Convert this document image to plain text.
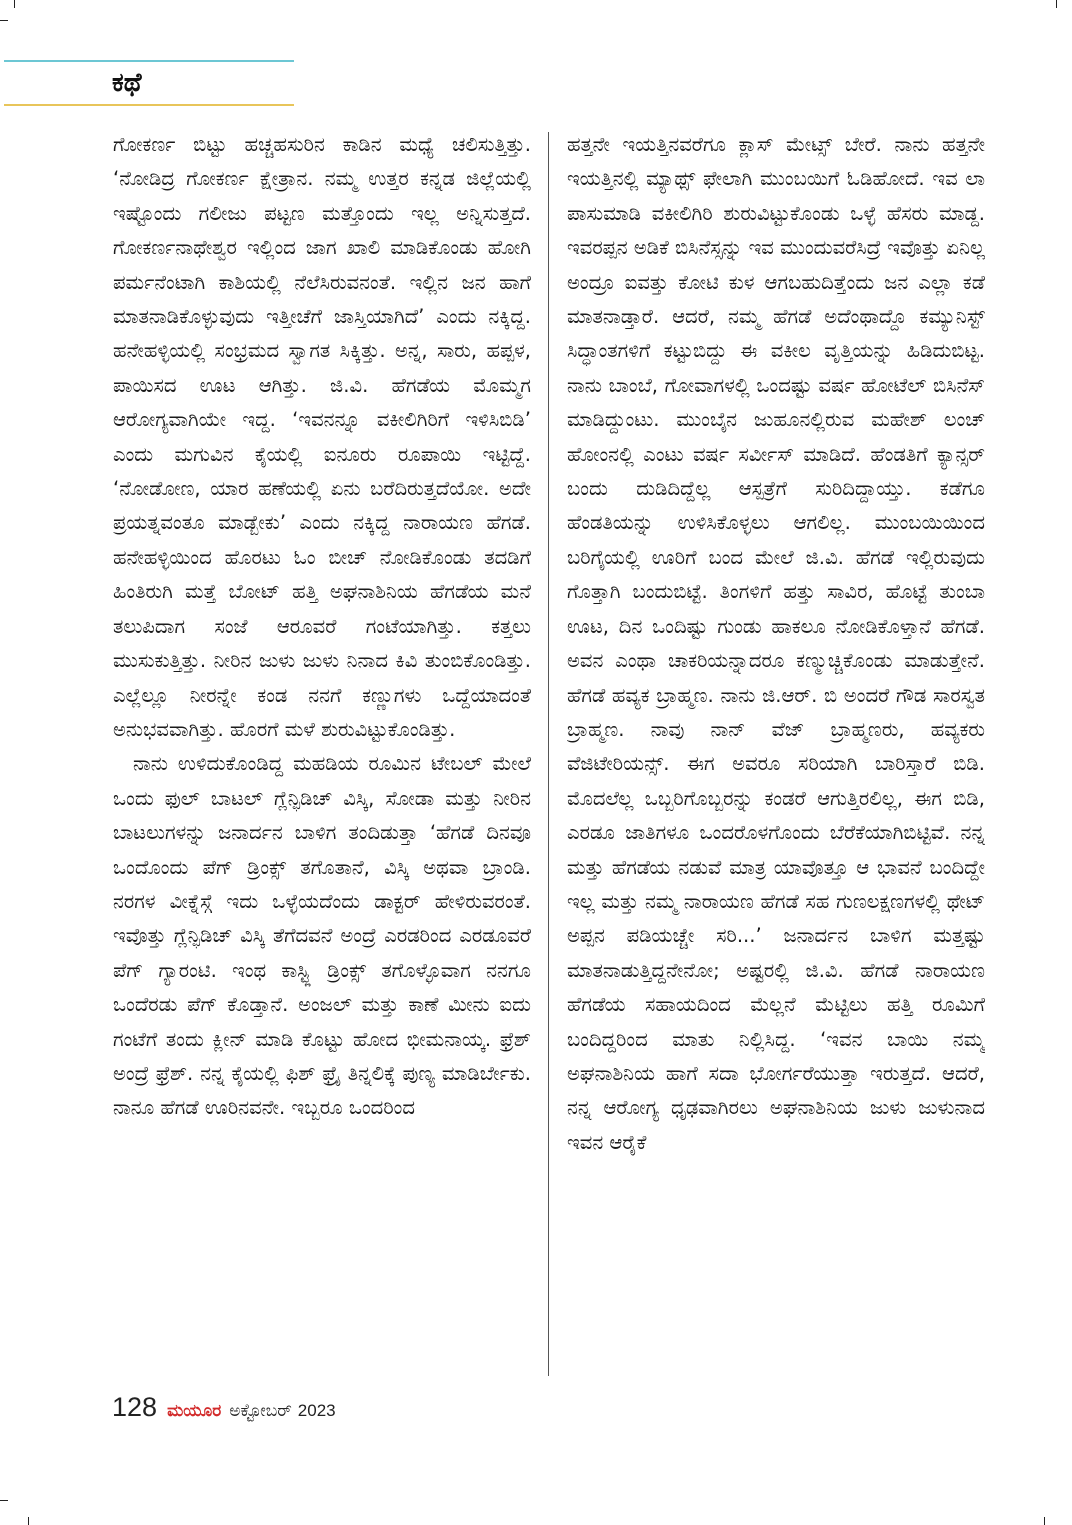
ಕಥೆ

ಗೋಕರ್ಣ ಬಿಟ್ಟು ಹಚ್ಚಹಸುರಿನ ಕಾಡಿನ ಮಧ್ಯೆ ಚಲಿಸುತ್ತಿತ್ತು. ‘ನೋಡಿದ್ರ ಗೋಕರ್ಣ ಕ್ಷೇತ್ರಾನ. ನಮ್ಮ ಉತ್ತರ ಕನ್ನಡ ಜಿಲ್ಲೆಯಲ್ಲಿ ಇಷ್ಟೊಂದು ಗಲೀಜು ಪಟ್ಟಣ ಮತ್ತೊಂದು ಇಲ್ಲ ಅನ್ನಿಸುತ್ತದೆ. ಗೋಕರ್ಣನಾಥೇಶ್ವರ ಇಲ್ಲಿಂದ ಜಾಗ ಖಾಲಿ ಮಾಡಿಕೊಂಡು ಹೋಗಿ ಪರ್ಮನೆಂಟಾಗಿ ಕಾಶಿಯಲ್ಲಿ ನೆಲೆಸಿರುವನಂತೆ. ಇಲ್ಲಿನ ಜನ ಹಾಗೆ ಮಾತನಾಡಿಕೊಳ್ಳುವುದು ಇತ್ತೀಚೆಗೆ ಜಾಸ್ತಿಯಾಗಿದೆ’ ಎಂದು ನಕ್ಕಿದ್ದ. ಹನೇಹಳ್ಳಿಯಲ್ಲಿ ಸಂಭ್ರಮದ ಸ್ವಾಗತ ಸಿಕ್ಕಿತ್ತು. ಅನ್ನ, ಸಾರು, ಹಪ್ಪಳ, ಪಾಯಿಸದ ಊಟ ಆಗಿತ್ತು. ಜಿ.ವಿ. ಹೆಗಡೆಯ ಮೊಮ್ಮಗ ಆರೋಗ್ಯವಾಗಿಯೇ ಇದ್ದ. ‘ಇವನನ್ನೂ ವಕೀಲಿಗಿರಿಗೆ ಇಳಿಸಿಬಿಡಿ’ ಎಂದು ಮಗುವಿನ ಕೈಯಲ್ಲಿ ಐನೂರು ರೂಪಾಯಿ ಇಟ್ಟಿದ್ದೆ. ‘ನೋಡೋಣ, ಯಾರ ಹಣೆಯಲ್ಲಿ ಏನು ಬರೆದಿರುತ್ತದೆಯೋ. ಅದೇ ಪ್ರಯತ್ನವಂತೂ ಮಾಡ್ಬೇಕು’ ಎಂದು ನಕ್ಕಿದ್ದ ನಾರಾಯಣ ಹೆಗಡೆ. ಹನೇಹಳ್ಳಿಯಿಂದ ಹೊರಟು ಓಂ ಬೀಚ್ ನೋಡಿಕೊಂಡು ತದಡಿಗೆ ಹಿಂತಿರುಗಿ ಮತ್ತೆ ಬೋಟ್ ಹತ್ತಿ ಅಘನಾಶಿನಿಯ ಹೆಗಡೆಯ ಮನೆ ತಲುಪಿದಾಗ ಸಂಜೆ ಆರೂವರೆ ಗಂಟೆಯಾಗಿತ್ತು. ಕತ್ತಲು ಮುಸುಕುತ್ತಿತ್ತು. ನೀರಿನ ಜುಳು ಜುಳು ನಿನಾದ ಕಿವಿ ತುಂಬಿಕೊಂಡಿತ್ತು. ಎಲ್ಲೆಲ್ಲೂ ನೀರನ್ನೇ ಕಂಡ ನನಗೆ ಕಣ್ಣುಗಳು ಒದ್ದೆಯಾದಂತೆ ಅನುಭವವಾಗಿತ್ತು. ಹೊರಗೆ ಮಳೆ ಶುರುವಿಟ್ಟುಕೊಂಡಿತ್ತು.

ನಾನು ಉಳಿದುಕೊಂಡಿದ್ದ ಮಹಡಿಯ ರೂಮಿನ ಟೇಬಲ್ ಮೇಲೆ ಒಂದು ಫುಲ್ ಬಾಟಲ್ ಗ್ಲೆನ್ಫಿಡಿಚ್ ವಿಸ್ಕಿ, ಸೋಡಾ ಮತ್ತು ನೀರಿನ ಬಾಟಲುಗಳನ್ನು ಜನಾರ್ದನ ಬಾಳಿಗ ತಂದಿಡುತ್ತಾ ‘ಹೆಗಡೆ ದಿನವೂ ಒಂದೊಂದು ಪೆಗ್ ಡ್ರಿಂಕ್ಸ್ ತಗೊತಾನೆ, ವಿಸ್ಕಿ ಅಥವಾ ಬ್ರಾಂಡಿ. ನರಗಳ ವೀಕ್ನೆಸ್ಗೆ ಇದು ಒಳ್ಳೆಯದೆಂದು ಡಾಕ್ಟರ್ ಹೇಳಿರುವರಂತೆ. ಇವೊತ್ತು ಗ್ಲೆನ್ಫಿಡಿಚ್ ವಿಸ್ಕಿ ತೆಗೆದವನೆ ಅಂದ್ರೆ ಎರಡರಿಂದ ಎರಡೂವರೆ ಪೆಗ್ ಗ್ಯಾರಂಟಿ. ಇಂಥ ಕಾಸ್ಟ್ಲಿ ಡ್ರಿಂಕ್ಸ್ ತಗೊಳ್ಳೊವಾಗ ನನಗೂ ಒಂದೆರಡು ಪೆಗ್ ಕೊಡ್ತಾನೆ. ಅಂಜಲ್ ಮತ್ತು ಕಾಣೆ ಮೀನು ಐದು ಗಂಟೆಗೆ ತಂದು ಕ್ಲೀನ್ ಮಾಡಿ ಕೊಟ್ಟು ಹೋದ ಭೀಮನಾಯ್ಕ. ಫ್ರೆಶ್ ಅಂದ್ರೆ ಫ್ರೆಶ್. ನನ್ನ ಕೈಯಲ್ಲಿ ಫಿಶ್ ಫ್ರೈ ತಿನ್ನಲಿಕ್ಕೆ ಪುಣ್ಯ ಮಾಡಿರ್ಬೇಕು. ನಾನೂ ಹೆಗಡೆ ಊರಿನವನೇ. ಇಬ್ಬರೂ ಒಂದರಿಂದ

ಹತ್ತನೇ ಇಯತ್ತಿನವರೆಗೂ ಕ್ಲಾಸ್ ಮೇಟ್ಸ್ ಬೇರೆ. ನಾನು ಹತ್ತನೇ ಇಯತ್ತಿನಲ್ಲಿ ಮ್ಯಾಥ್ಸ್ ಫೇಲಾಗಿ ಮುಂಬಯಿಗೆ ಓಡಿಹೋದೆ. ಇವ ಲಾ ಪಾಸುಮಾಡಿ ವಕೀಲಿಗಿರಿ ಶುರುವಿಟ್ಟುಕೊಂಡು ಒಳ್ಳೆ ಹೆಸರು ಮಾಡ್ದ. ಇವರಪ್ಪನ ಅಡಿಕೆ ಬಿಸಿನೆಸ್ಸನ್ನು ಇವ ಮುಂದುವರೆಸಿದ್ರೆ ಇವೊತ್ತು ಏನಿಲ್ಲ ಅಂದ್ರೂ ಐವತ್ತು ಕೋಟಿ ಕುಳ ಆಗಬಹುದಿತ್ತೆಂದು ಜನ ಎಲ್ಲಾ ಕಡೆ ಮಾತನಾಡ್ತಾರೆ. ಆದರೆ, ನಮ್ಮ ಹೆಗಡೆ ಅದೆಂಥಾದ್ದೊ ಕಮ್ಯುನಿಸ್ಟ್ ಸಿದ್ಧಾಂತಗಳಿಗೆ ಕಟ್ಟುಬಿದ್ದು ಈ ವಕೀಲ ವೃತ್ತಿಯನ್ನು ಹಿಡಿದುಬಿಟ್ಟ. ನಾನು ಬಾಂಬೆ, ಗೋವಾಗಳಲ್ಲಿ ಒಂದಷ್ಟು ವರ್ಷ ಹೋಟೆಲ್ ಬಿಸಿನೆಸ್ ಮಾಡಿದ್ದುಂಟು. ಮುಂಬೈನ ಜುಹೂನಲ್ಲಿರುವ ಮಹೇಶ್ ಲಂಚ್ ಹೋಂನಲ್ಲಿ ಎಂಟು ವರ್ಷ ಸರ್ವೀಸ್ ಮಾಡಿದೆ. ಹೆಂಡತಿಗೆ ಕ್ಯಾನ್ಸರ್ ಬಂದು ದುಡಿದಿದ್ದೆಲ್ಲ ಆಸ್ಪತ್ರೆಗೆ ಸುರಿದಿದ್ದಾಯ್ತು. ಕಡೆಗೂ ಹೆಂಡತಿಯನ್ನು ಉಳಿಸಿಕೊಳ್ಳಲು ಆಗಲಿಲ್ಲ. ಮುಂಬಯಿಯಿಂದ ಬರಿಗೈಯಲ್ಲಿ ಊರಿಗೆ ಬಂದ ಮೇಲೆ ಜಿ.ವಿ. ಹೆಗಡೆ ಇಲ್ಲಿರುವುದು ಗೊತ್ತಾಗಿ ಬಂದುಬಿಟ್ಟೆ. ತಿಂಗಳಿಗೆ ಹತ್ತು ಸಾವಿರ, ಹೊಟ್ಟೆ ತುಂಬಾ ಊಟ, ದಿನ ಒಂದಿಷ್ಟು ಗುಂಡು ಹಾಕಲೂ ನೋಡಿಕೊಳ್ತಾನೆ ಹೆಗಡೆ. ಅವನ ಎಂಥಾ ಚಾಕರಿಯನ್ನಾದರೂ ಕಣ್ಮುಚ್ಚಿಕೊಂಡು ಮಾಡುತ್ತೇನೆ. ಹೆಗಡೆ ಹವ್ಯಕ ಬ್ರಾಹ್ಮಣ. ನಾನು ಜಿ.ಆರ್. ಬಿ ಅಂದರೆ ಗೌಡ ಸಾರಸ್ವತ ಬ್ರಾಹ್ಮಣ. ನಾವು ನಾನ್ ವೆಜ್ ಬ್ರಾಹ್ಮಣರು, ಹವ್ಯಕರು ವೆಜಿಟೇರಿಯನ್ಸ್. ಈಗ ಅವರೂ ಸರಿಯಾಗಿ ಬಾರಿಸ್ತಾರೆ ಬಿಡಿ. ಮೊದಲೆಲ್ಲ ಒಬ್ಬರಿಗೊಬ್ಬರನ್ನು ಕಂಡರೆ ಆಗುತ್ತಿರಲಿಲ್ಲ, ಈಗ ಬಿಡಿ, ಎರಡೂ ಜಾತಿಗಳೂ ಒಂದರೊಳಗೊಂದು ಬೆರೆಕೆಯಾಗಿಬಿಟ್ಟಿವೆ. ನನ್ನ ಮತ್ತು ಹೆಗಡೆಯ ನಡುವೆ ಮಾತ್ರ ಯಾವೊತ್ತೂ ಆ ಭಾವನೆ ಬಂದಿದ್ದೇ ಇಲ್ಲ ಮತ್ತು ನಮ್ಮ ನಾರಾಯಣ ಹೆಗಡೆ ಸಹ ಗುಣಲಕ್ಷಣಗಳಲ್ಲಿ ಥೇಟ್ ಅಪ್ಪನ ಪಡಿಯಚ್ಚೇ ಸರಿ...’ ಜನಾರ್ದನ ಬಾಳಿಗ ಮತ್ತಷ್ಟು ಮಾತನಾಡುತ್ತಿದ್ದನೇನೋ; ಅಷ್ಟರಲ್ಲಿ ಜಿ.ವಿ. ಹೆಗಡೆ ನಾರಾಯಣ ಹೆಗಡೆಯ ಸಹಾಯದಿಂದ ಮೆಲ್ಲನೆ ಮೆಟ್ಟಿಲು ಹತ್ತಿ ರೂಮಿಗೆ ಬಂದಿದ್ದರಿಂದ ಮಾತು ನಿಲ್ಲಿಸಿದ್ದ. ‘ಇವನ ಬಾಯಿ ನಮ್ಮ ಅಘನಾಶಿನಿಯ ಹಾಗೆ ಸದಾ ಭೋರ್ಗರೆಯುತ್ತಾ ಇರುತ್ತದೆ. ಆದರೆ, ನನ್ನ ಆರೋಗ್ಯ ಧೃಢವಾಗಿರಲು ಅಘನಾಶಿನಿಯ ಜುಳು ಜುಳುನಾದ ಇವನ ಆರೈಕೆ

128 ಮಯೂರ ಅಕ್ಟೋಬರ್ 2023
